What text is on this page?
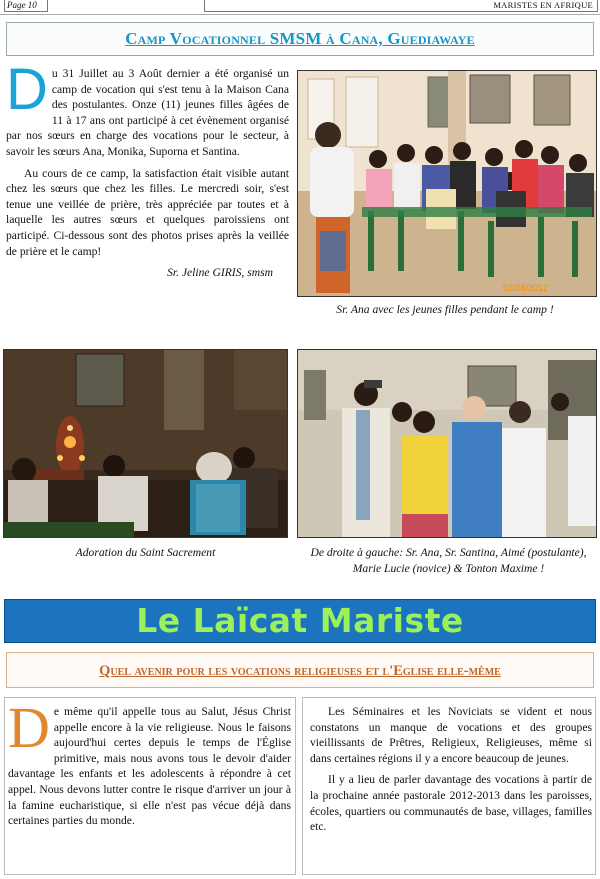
Page 10	MARISTES EN AFRIQUE
Camp Vocationnel SMSM à Cana, Guediawaye

Du 31 Juillet au 3 Août dernier a été organisé un camp de vocation qui s'est tenu à la Maison Cana des postulantes. Onze (11) jeunes filles âgées de 11 à 17 ans ont participé à cet évènement organisé par nos sœurs en charge des vocations pour le secteur, à savoir les sœurs Ana, Monika, Suporna et Santina.

Au cours de ce camp, la satisfaction était visible autant chez les sœurs que chez les filles. Le mercredi soir, s'est tenue une veillée de prière, très appréciée par toutes et à laquelle les autres sœurs et quelques paroissiens ont participé. Ci-dessous sont des photos prises après la veillée de prière et le camp!

Sr. Jeline GIRIS, smsm

02/08/2012
Sr. Ana avec les jeunes filles pendant le camp !
Adoration du Saint Sacrement	De droite à gauche: Sr. Ana, Sr. Santina, Aimé (postulante), Marie Lucie (novice) & Tonton Maxime !
Le Laïcat Mariste
Quel avenir pour les vocations religieuses et l'Eglise elle-même

De même qu'il appelle tous au Salut, Jésus Christ appelle encore à la vie religieuse. Nous le faisons aujourd'hui certes depuis le temps de l'Église primitive, mais nous avons tous le devoir d'aider davantage les enfants et les adolescents à répondre à cet appel. Nous devons lutter contre le risque d'arriver un jour à la famine eucharistique, si elle n'est pas vécue déjà dans certaines parties du monde.

Les Séminaires et les Noviciats se vident et nous constatons un manque de vocations et des groupes vieillissants de Prêtres, Religieux, Religieuses, même si dans certaines régions il y a encore beaucoup de jeunes.

Il y a lieu de parler davantage des vocations à partir de la prochaine année pastorale 2012-2013 dans les paroisses, écoles, quartiers ou communautés de base, villages, familles etc.
